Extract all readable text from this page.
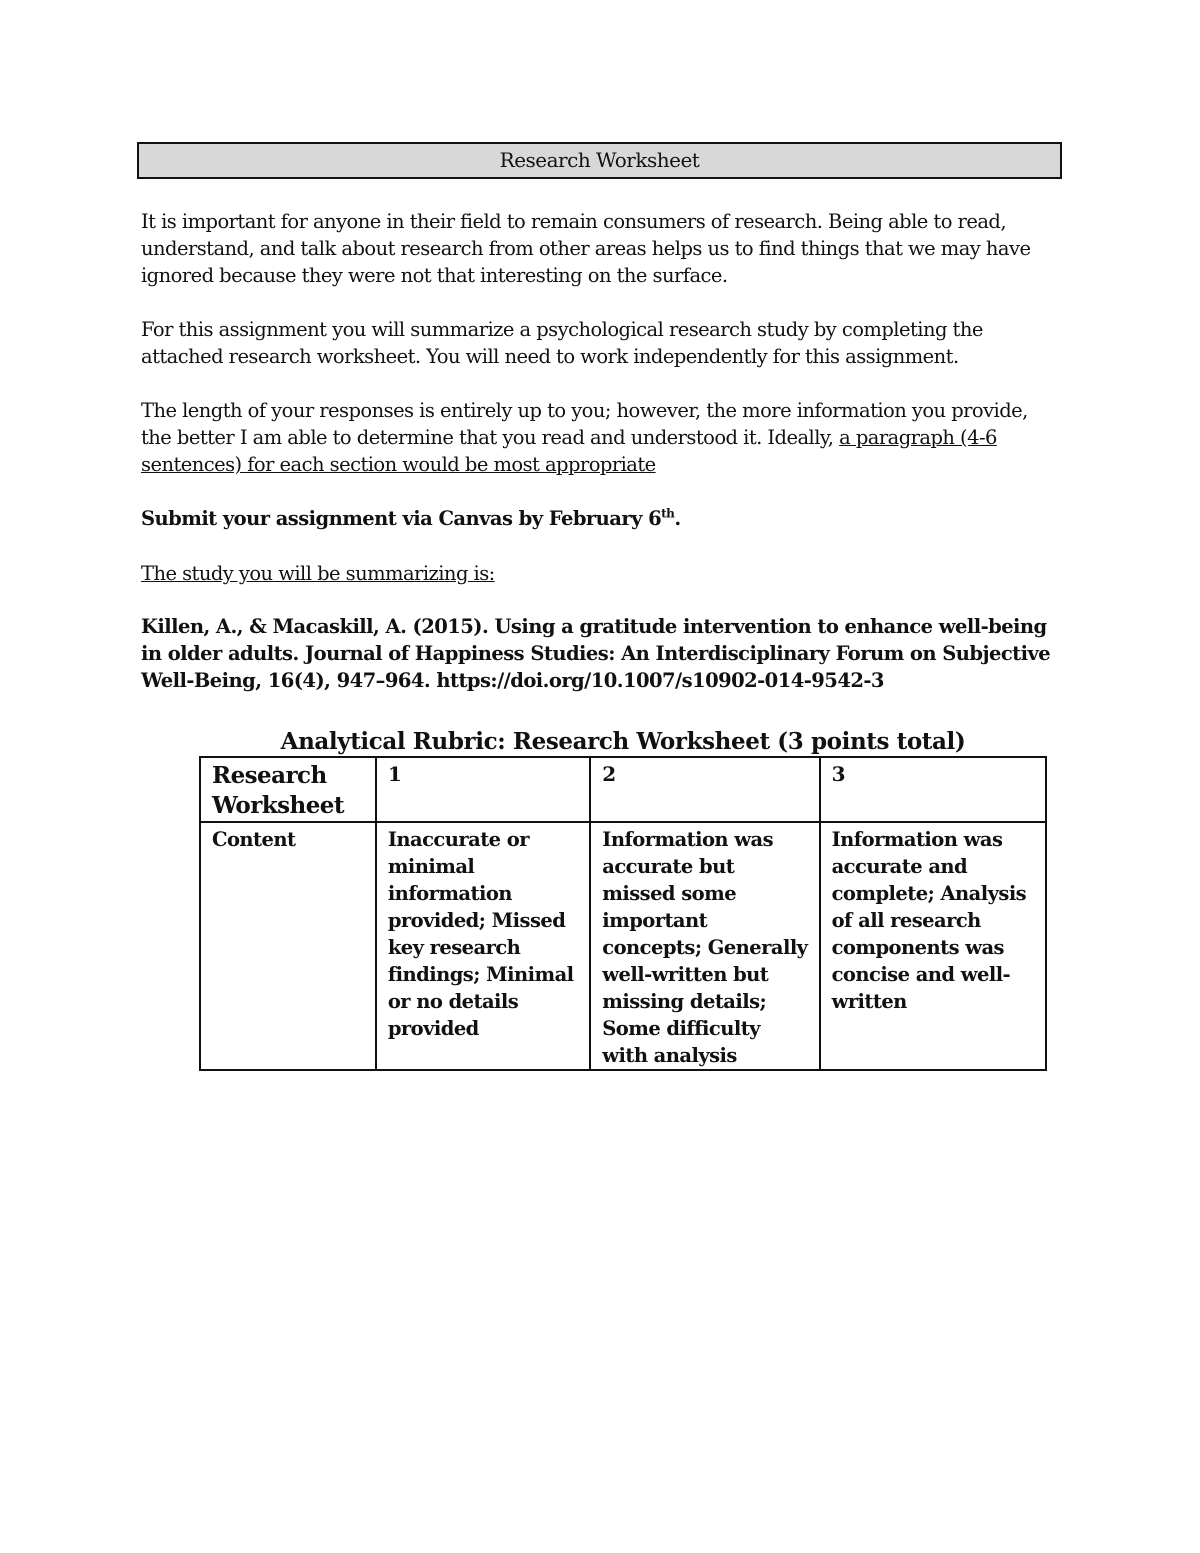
Research Worksheet
It is important for anyone in their field to remain consumers of research. Being able to read, understand, and talk about research from other areas helps us to find things that we may have ignored because they were not that interesting on the surface.
For this assignment you will summarize a psychological research study by completing the attached research worksheet. You will need to work independently for this assignment.
The length of your responses is entirely up to you; however, the more information you provide, the better I am able to determine that you read and understood it. Ideally, a paragraph (4-6 sentences) for each section would be most appropriate
Submit your assignment via Canvas by February 6th.
The study you will be summarizing is:
Killen, A., & Macaskill, A. (2015). Using a gratitude intervention to enhance well-being in older adults. Journal of Happiness Studies: An Interdisciplinary Forum on Subjective Well-Being, 16(4), 947–964. https://doi.org/10.1007/s10902-014-9542-3
Analytical Rubric: Research Worksheet (3 points total)
Research Worksheet	1	2	3
Content	Inaccurate or minimal information provided; Missed key research findings; Minimal or no details provided	Information was accurate but missed some important concepts; Generally well-written but missing details; Some difficulty with analysis	Information was accurate and complete; Analysis of all research components was concise and well-written
